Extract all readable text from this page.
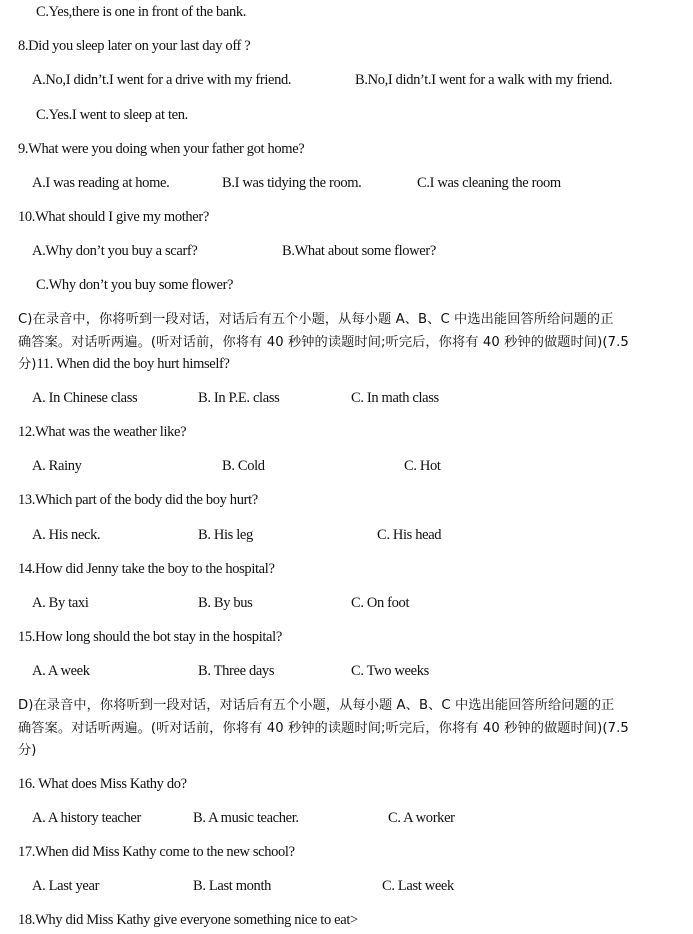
C.Yes,there is one in front of the bank.
8.Did you sleep later on your last day off ?
A.No,I didn’t.I went for a drive with my friend.	B.No,I didn’t.I went for a walk with my friend.
C.Yes.I went to sleep at ten.
9.What were you doing when your father got home?
A.I was reading at home.	B.I was tidying the room.	C.I was cleaning the room
10.What should I give my mother?
A.Why don’t you buy a scarf?	B.What about some flower?
C.Why don’t you buy some flower?
C)在录音中，你将听到一段对话，对话后有五个小题，从每小题 A、B、C 中选出能回答所给问题的正
确答案。对话听两遍。(听对话前，你将有 40 秒钟的读题时间;听完后，你将有 40 秒钟的做题时间)(7.5
分) 11. When did the boy hurt himself?
A. In Chinese class	B. In P.E. class	C. In math class
12.What was the weather like?
A. Rainy	B. Cold	C. Hot
13.Which part of the body did the boy hurt?
A. His neck.	B. His leg	C. His head
14.How did Jenny take the boy to the hospital?
A. By taxi	B. By bus	C. On foot
15.How long should the bot stay in the hospital?
A. A week	B. Three days	C. Two weeks
D)在录音中，你将听到一段对话，对话后有五个小题，从每小题 A、B、C 中选出能回答所给问题的正
确答案。对话听两遍。(听对话前，你将有 40 秒钟的读题时间;听完后，你将有 40 秒钟的做题时间)(7.5
分)
16. What does Miss Kathy do?
A. A history teacher	B. A music teacher.	C. A worker
17.When did Miss Kathy come to the new school?
A. Last year	B. Last month	C. Last week
18.Why did Miss Kathy give everyone something nice to eat>
